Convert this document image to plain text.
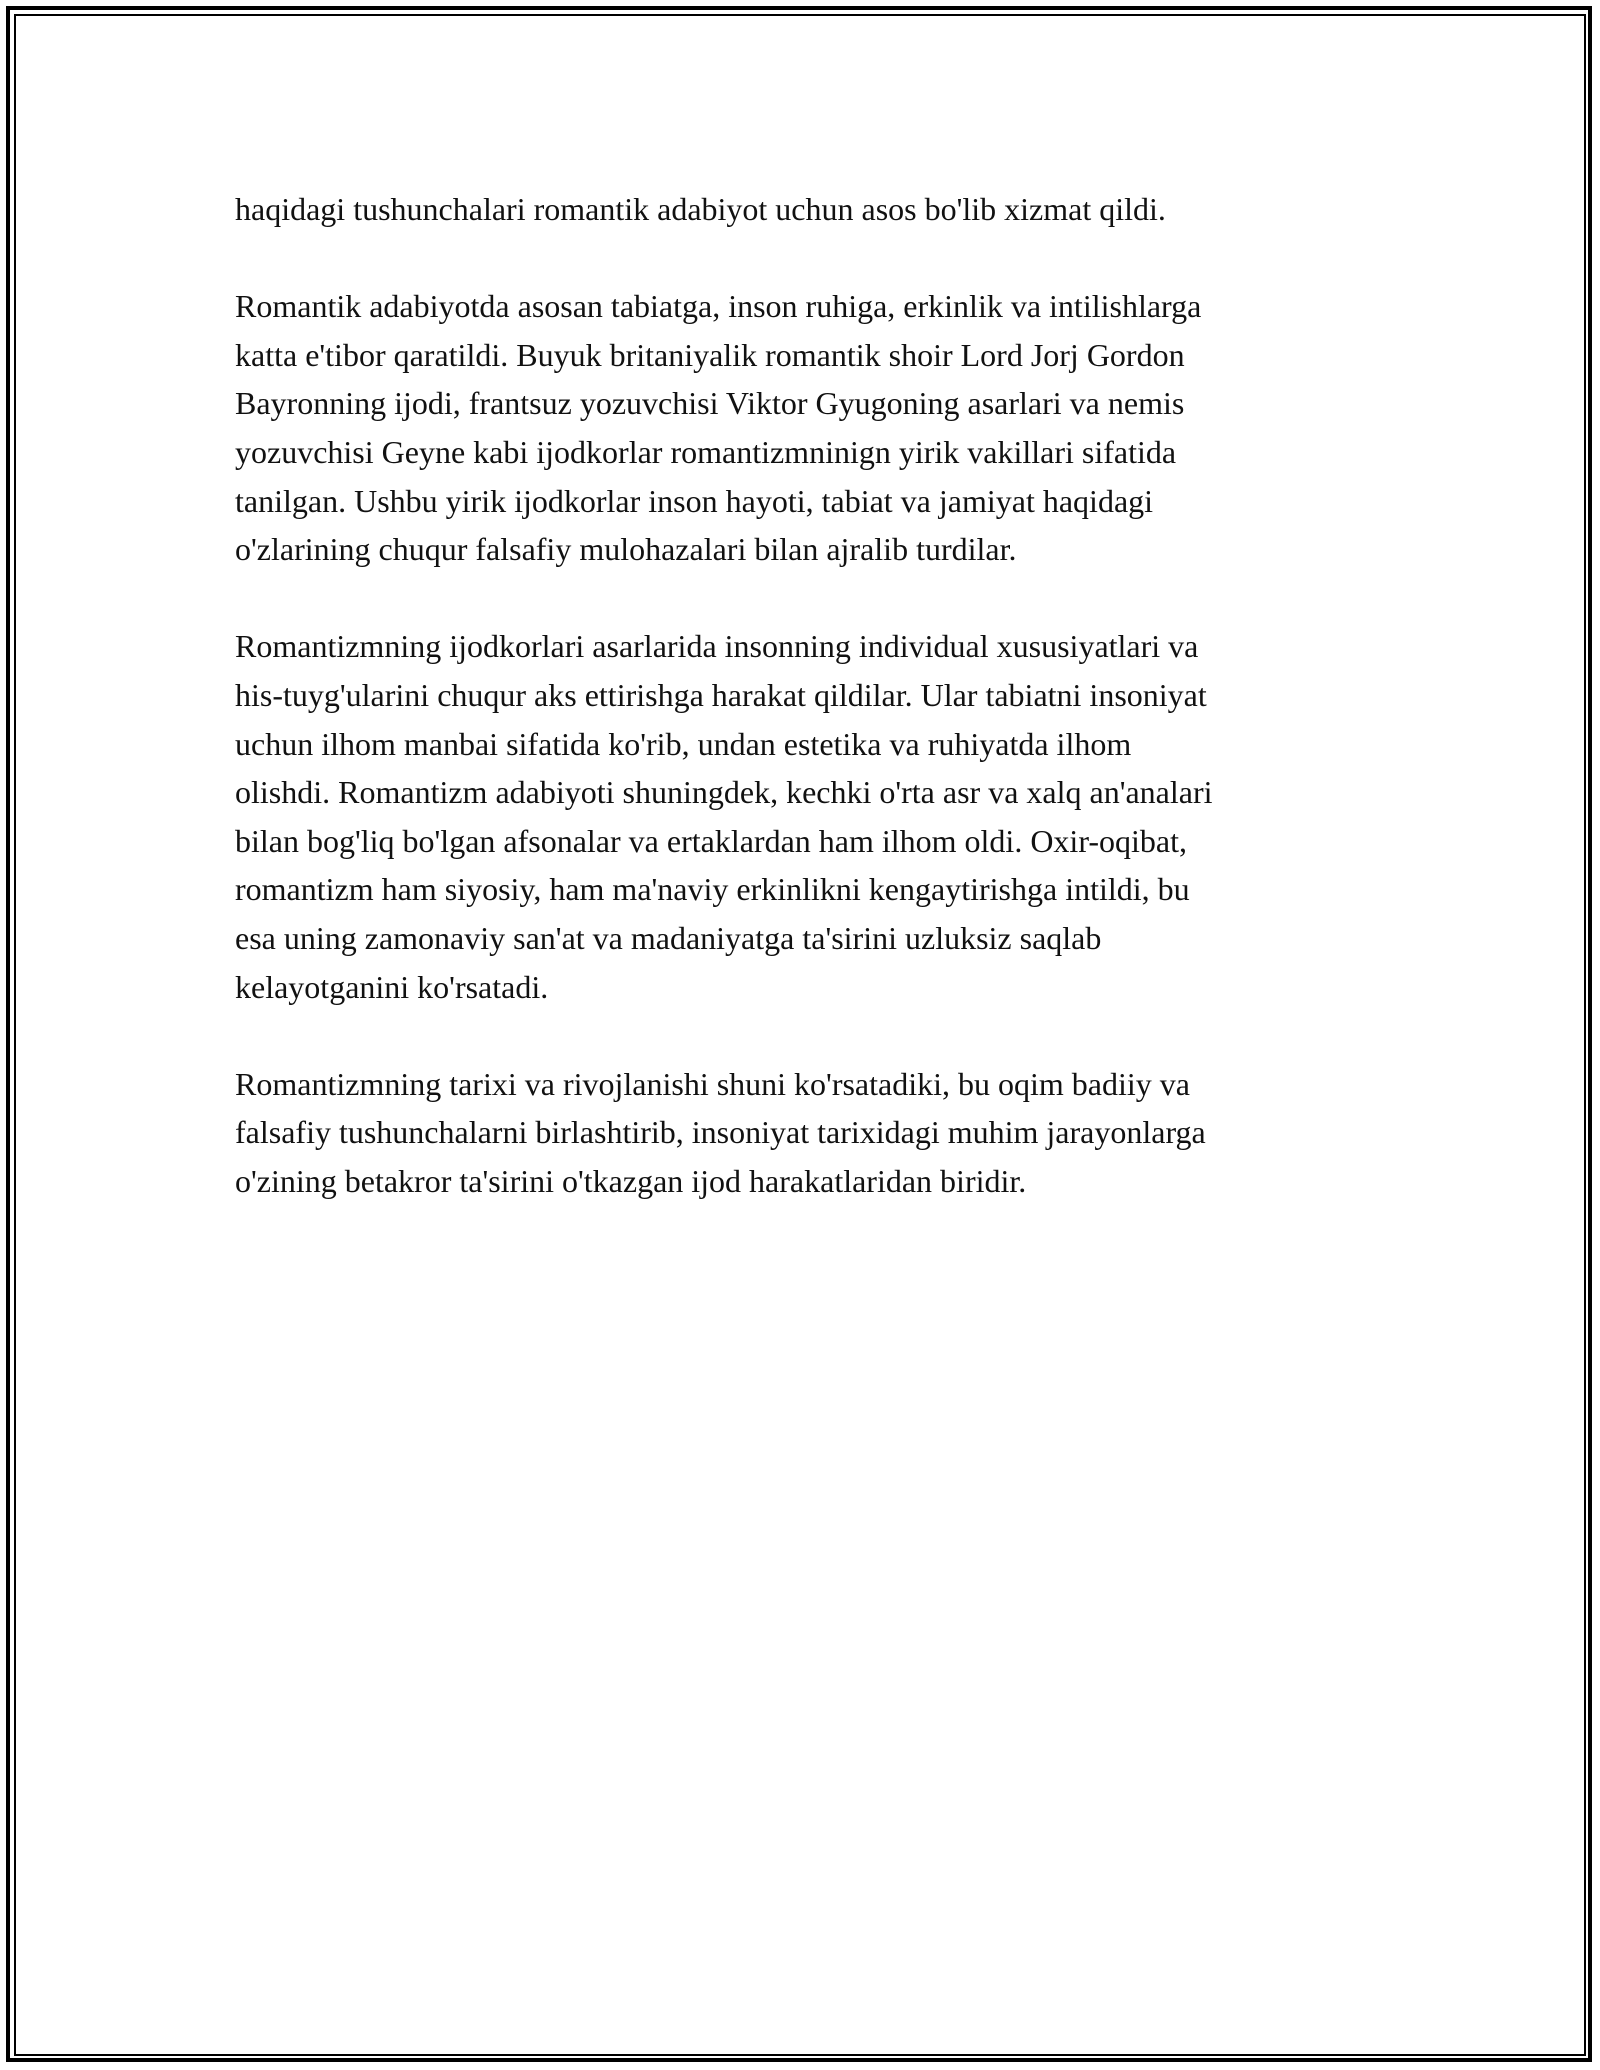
haqidagi tushunchalari romantik adabiyot uchun asos bo'lib xizmat qildi.

Romantik adabiyotda asosan tabiatga, inson ruhiga, erkinlik va intilishlarga
katta e'tibor qaratildi. Buyuk britaniyalik romantik shoir Lord Jorj Gordon
Bayronning ijodi, frantsuz yozuvchisi Viktor Gyugoning asarlari va nemis
yozuvchisi Geyne kabi ijodkorlar romantizmninign yirik vakillari sifatida
tanilgan. Ushbu yirik ijodkorlar inson hayoti, tabiat va jamiyat haqidagi
o'zlarining chuqur falsafiy mulohazalari bilan ajralib turdilar.

Romantizmning ijodkorlari asarlarida insonning individual xususiyatlari va
his-tuyg'ularini chuqur aks ettirishga harakat qildilar. Ular tabiatni insoniyat
uchun ilhom manbai sifatida ko'rib, undan estetika va ruhiyatda ilhom
olishdi. Romantizm adabiyoti shuningdek, kechki o'rta asr va xalq an'analari
bilan bog'liq bo'lgan afsonalar va ertaklardan ham ilhom oldi. Oxir-oqibat,
romantizm ham siyosiy, ham ma'naviy erkinlikni kengaytirishga intildi, bu
esa uning zamonaviy san'at va madaniyatga ta'sirini uzluksiz saqlab
kelayotganini ko'rsatadi.

Romantizmning tarixi va rivojlanishi shuni ko'rsatadiki, bu oqim badiiy va
falsafiy tushunchalarni birlashtirib, insoniyat tarixidagi muhim jarayonlarga
o'zining betakror ta'sirini o'tkazgan ijod harakatlaridan biridir.
